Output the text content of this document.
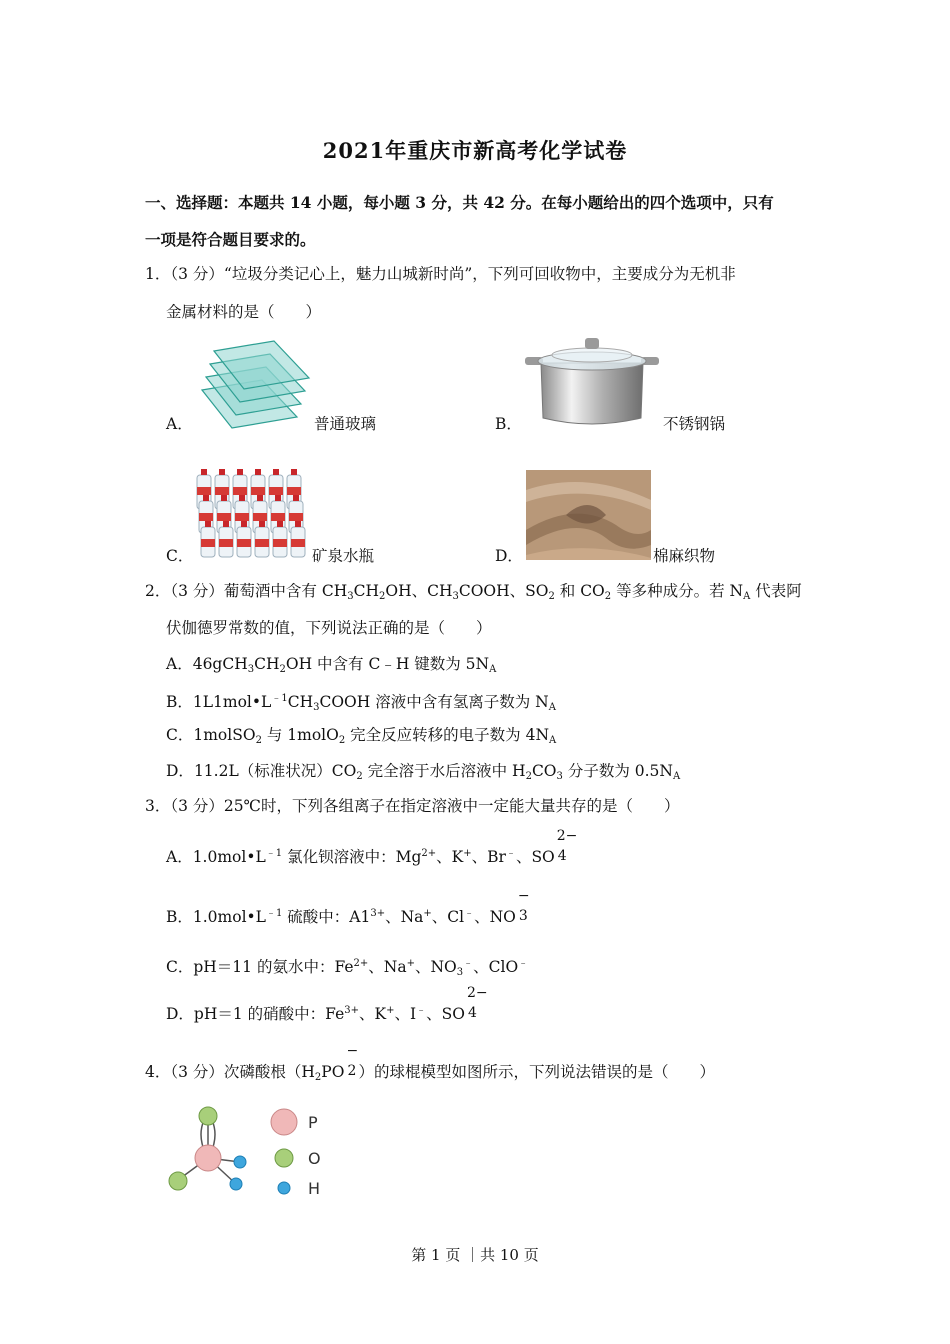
2021年重庆市新高考化学试卷
一、选择题：本题共 14 小题，每小题 3 分，共 42 分。在每小题给出的四个选项中，只有
一项是符合题目要求的。
1．（3 分）“垃圾分类记心上，魅力山城新时尚”，下列可回收物中，主要成分为无机非
金属材料的是（　　）
A．	普通玻璃	B．	不锈钢锅
C．	矿泉水瓶	D．	棉麻织物
2．（3 分）葡萄酒中含有 $CH_3CH_2OH$、$CH_3COOH$、$SO_2$ 和 $CO_2$ 等多种成分。若 $N_A$ 代表阿
伏伽德罗常数的值，下列说法正确的是（　　）
A．$46gCH_3CH_2OH$ 中含有 C﹣H 键数为 $5N_A$
B．$1L1mol•L^{﹣1}CH_3COOH$ 溶液中含有氢离子数为 $N_A$
C．1molSO$_2$ 与 1molO$_2$ 完全反应转移的电子数为 $4N_A$
D．11.2L（标准状况）$CO_2$ 完全溶于水后溶液中 $H_2CO_3$ 分子数为 $0.5N_A$
3．（3 分）25℃时，下列各组离子在指定溶液中一定能大量共存的是（　　）
A．$1.0mol•L^{﹣1}$ 氯化钡溶液中：$Mg^{2+}$、K+、Br﹣、SO
2−
4
B．$1.0mol•L^{﹣1}$ 硫酸中：$A1^{3+}$、Na+、Cl﹣、NO
−
3
C．pH＝11 的氨水中：$Fe^{2+}$、Na+、$NO_3^﹣$、ClO﹣
D．pH＝1 的硝酸中：$Fe^{3+}$、K+、I﹣、SO
2−
4
4．（3 分）次磷酸根（$H_2PO$
−
2 ）的球棍模型如图所示，下列说法错误的是（　　）
P
O
H
第 1 页 ｜共 10 页
